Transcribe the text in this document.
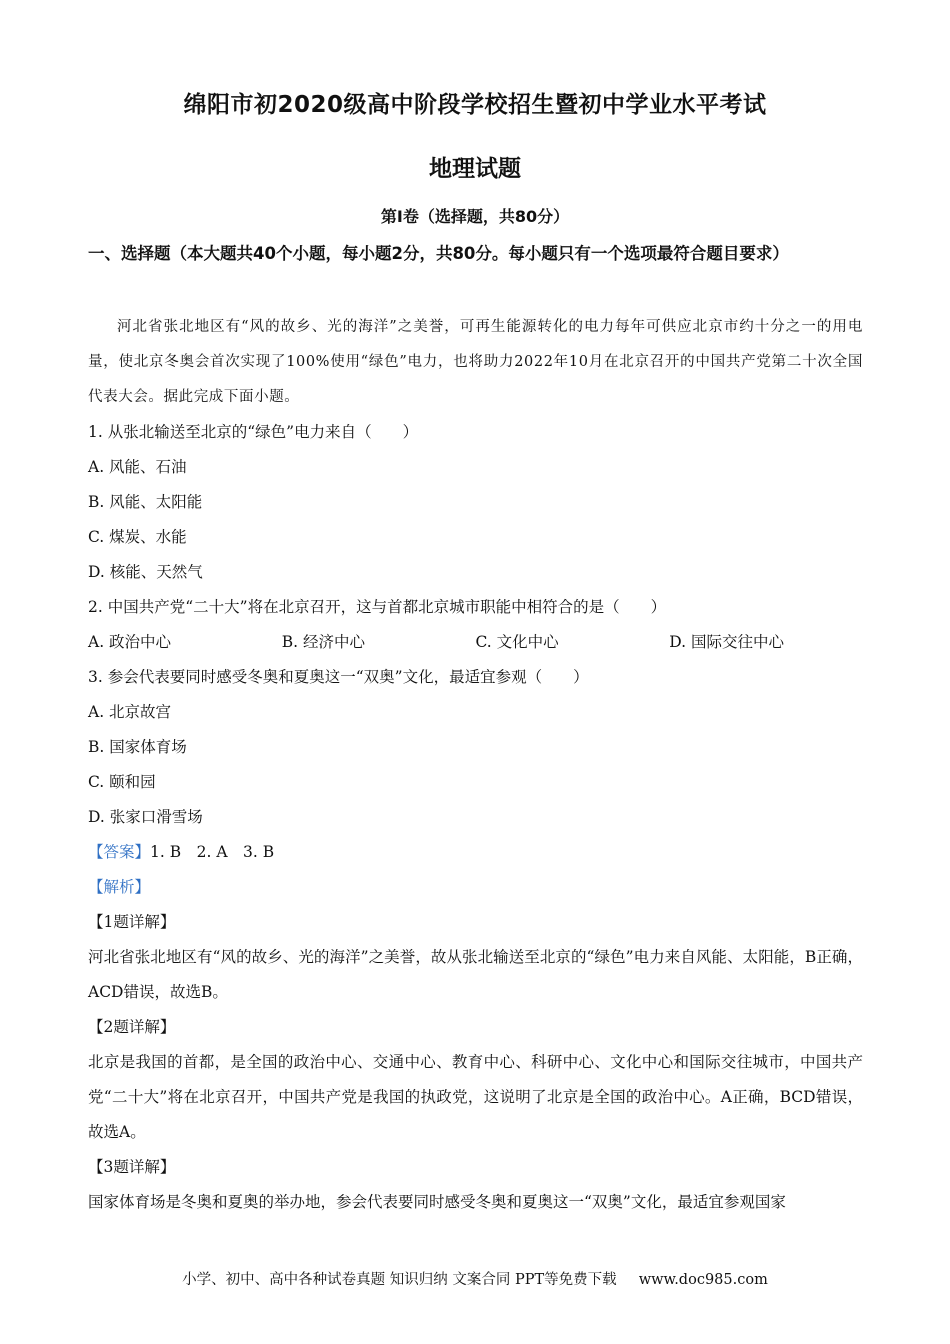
绵阳市初2020级高中阶段学校招生暨初中学业水平考试
地理试题
第Ⅰ卷（选择题，共80分）
一、选择题（本大题共40个小题，每小题2分，共80分。每小题只有一个选项最符合题目要求）

河北省张北地区有“风的故乡、光的海洋”之美誉，可再生能源转化的电力每年可供应北京市约十分之一的用电量，使北京冬奥会首次实现了100%使用“绿色”电力，也将助力2022年10月在北京召开的中国共产党第二十次全国代表大会。据此完成下面小题。

1. 从张北输送至北京的“绿色”电力来自（　　）

A. 风能、石油

B. 风能、太阳能

C. 煤炭、水能

D. 核能、天然气

2. 中国共产党“二十大”将在北京召开，这与首都北京城市职能中相符合的是（　　）

A. 政治中心	B. 经济中心	C. 文化中心	D. 国际交往中心

3. 参会代表要同时感受冬奥和夏奥这一“双奥”文化，最适宜参观（　　）

A. 北京故宫

B. 国家体育场

C. 颐和园

D. 张家口滑雪场

【答案】1. B　2. A　3. B

【解析】

【1题详解】

河北省张北地区有“风的故乡、光的海洋”之美誉，故从张北输送至北京的“绿色”电力来自风能、太阳能，B正确，ACD错误，故选B。

【2题详解】

北京是我国的首都，是全国的政治中心、交通中心、教育中心、科研中心、文化中心和国际交往城市，中国共产党“二十大”将在北京召开，中国共产党是我国的执政党，这说明了北京是全国的政治中心。A正确，BCD错误，故选A。

【3题详解】

国家体育场是冬奥和夏奥的举办地，参会代表要同时感受冬奥和夏奥这一“双奥”文化，最适宜参观国家

小学、初中、高中各种试卷真题 知识归纳 文案合同 PPT等免费下载 www.doc985.com
